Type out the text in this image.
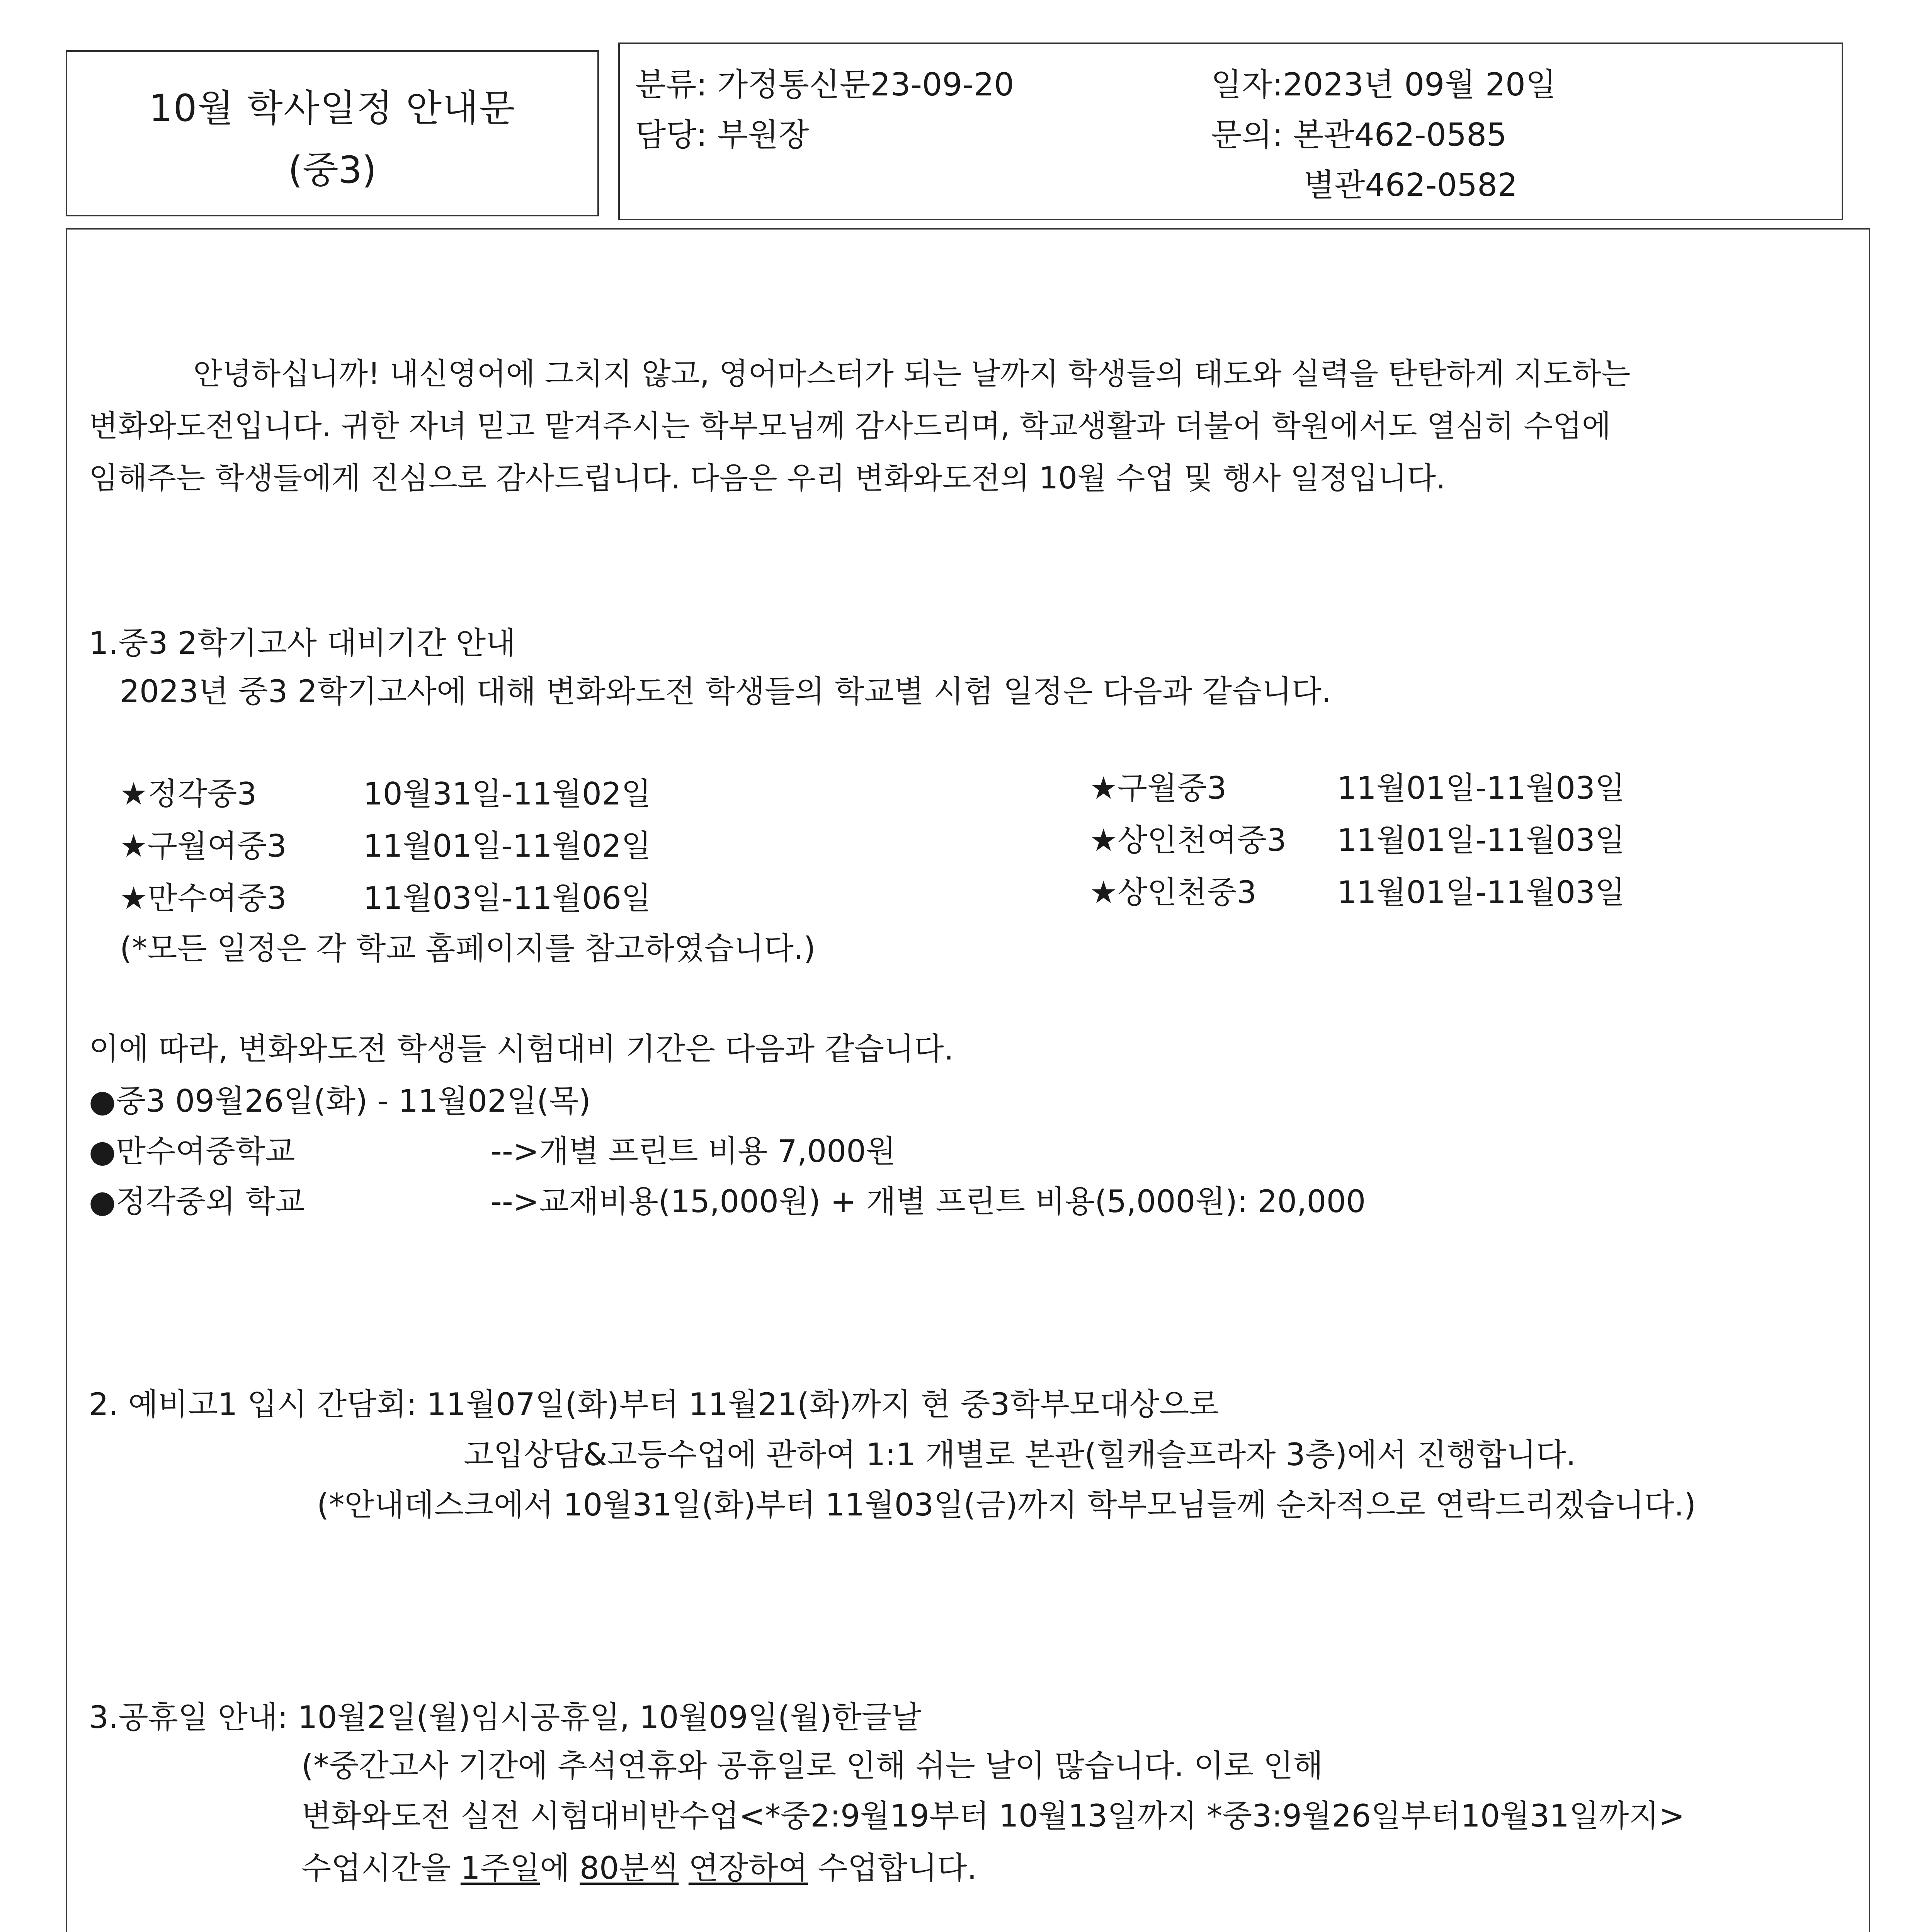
10월 학사일정 안내문
(중3)
분류: 가정통신문23-09-20	일자:2023년 09월 20일
담당: 부원장	문의: 본관462-0585
별관462-0582
안녕하십니까! 내신영어에 그치지 않고, 영어마스터가 되는 날까지 학생들의 태도와 실력을 탄탄하게 지도하는
변화와도전입니다. 귀한 자녀 믿고 맡겨주시는 학부모님께 감사드리며, 학교생활과 더불어 학원에서도 열심히 수업에
임해주는 학생들에게 진심으로 감사드립니다. 다음은 우리 변화와도전의 10월 수업 및 행사 일정입니다.
1.중3 2학기고사 대비기간 안내
2023년 중3 2학기고사에 대해 변화와도전 학생들의 학교별 시험 일정은 다음과 같습니다.
★정각중3	10월31일-11월02일
★구월여중3 11월01일-11월02일
★만수여중3 11월03일-11월06일
★구월중3	11월01일-11월03일
★상인천여중3 11월01일-11월03일
★상인천중3	11월01일-11월03일
(*모든 일정은 각 학교 홈페이지를 참고하였습니다.)
이에 따라, 변화와도전 학생들 시험대비 기간은 다음과 같습니다.
●중3 09월26일(화) - 11월02일(목)
●만수여중학교	-->개별 프린트 비용 7,000원
●정각중외 학교	-->교재비용(15,000원) + 개별 프린트 비용(5,000원): 20,000
2. 예비고1 입시 간담회: 11월07일(화)부터 11월21(화)까지 현 중3학부모대상으로
고입상담&고등수업에 관하여 1:1 개별로 본관(힐캐슬프라자 3층)에서 진행합니다.
(*안내데스크에서 10월31일(화)부터 11월03일(금)까지 학부모님들께 순차적으로 연락드리겠습니다.)
3.공휴일 안내: 10월2일(월)임시공휴일, 10월09일(월)한글날
(*중간고사 기간에 추석연휴와 공휴일로 인해 쉬는 날이 많습니다. 이로 인해
변화와도전 실전 시험대비반수업<*중2:9월19부터 10월13일까지 *중3:9월26일부터10월31일까지>
수업시간을 1주일에 80분씩 연장하여 수업합니다.
